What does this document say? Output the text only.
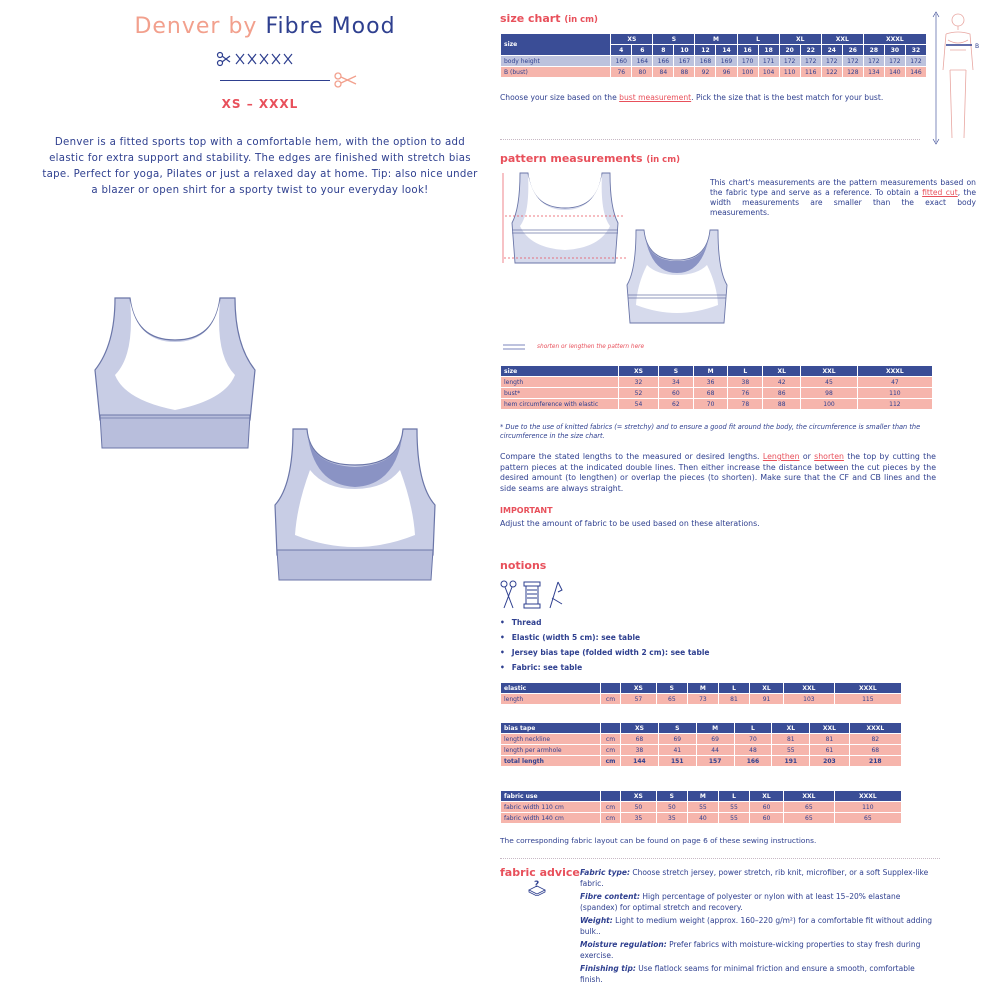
Denver by Fibre Mood
XS – XXXL
Denver is a fitted sports top with a comfortable hem, with the option to add elastic for extra support and stability. The edges are finished with stretch bias tape. Perfect for yoga, Pilates or just a relaxed day at home. Tip: also nice under a blazer or open shirt for a sporty twist to your everyday look!
size chart (in cm)
size	XS		S		M		L		XL		XXL		XXXL		
	4	6	8	10	12	14	16	18	20	22	24	26	28	30	32
body height	160	164	166	167	168	169	170	171	172	172	172	172	172	172	172
B (bust)	76	80	84	88	92	96	100	104	110	116	122	128	134	140	146
Choose your size based on the bust measurement. Pick the size that is the best match for your bust.
B
pattern measurements (in cm)
This chart's measurements are the pattern measurements based on the fabric type and serve as a reference. To obtain a fitted cut, the width measurements are smaller than the exact body measurements.
shorten or lengthen the pattern here
size	XS	S	M	L	XL	XXL	XXXL
length	32	34	36	38	42	45	47
bust*	52	60	68	76	86	98	110
hem circumference with elastic	54	62	70	78	88	100	112
* Due to the use of knitted fabrics (= stretchy) and to ensure a good fit around the body, the circumference is smaller than the circumference in the size chart.
Compare the stated lengths to the measured or desired lengths. Lengthen or shorten the top by cutting the pattern pieces at the indicated double lines. Then either increase the distance between the cut pieces by the desired amount (to lengthen) or overlap the pieces (to shorten). Make sure that the CF and CB lines and the side seams are always straight.
IMPORTANT
Adjust the amount of fabric to be used based on these alterations.
notions
• Thread
• Elastic (width 5 cm): see table
• Jersey bias tape (folded width 2 cm): see table
• Fabric: see table
elastic		XS	S	M	L	XL	XXL	XXXL
length	cm	57	65	73	81	91	103	115
bias tape		XS	S	M	L	XL	XXL	XXXL
length neckline	cm	68	69	69	70	81	81	82
length per armhole	cm	38	41	44	48	55	61	68
total length	cm	144	151	157	166	191	203	218
fabric use		XS	S	M	L	XL	XXL	XXXL
fabric width 110 cm	cm	50	50	55	55	60	65	110
fabric width 140 cm	cm	35	35	40	55	60	65	65
The corresponding fabric layout can be found on page 6 of these sewing instructions.
fabric advice
?
Fabric type: Choose stretch jersey, power stretch, rib knit, microfiber, or a soft Supplex-like fabric.
Fibre content: High percentage of polyester or nylon with at least 15–20% elastane (spandex) for optimal stretch and recovery.
Weight: Light to medium weight (approx. 160–220 g/m²) for a comfortable fit without adding bulk..
Moisture regulation: Prefer fabrics with moisture-wicking properties to stay fresh during exercise.
Finishing tip: Use flatlock seams for minimal friction and ensure a smooth, comfortable finish.
